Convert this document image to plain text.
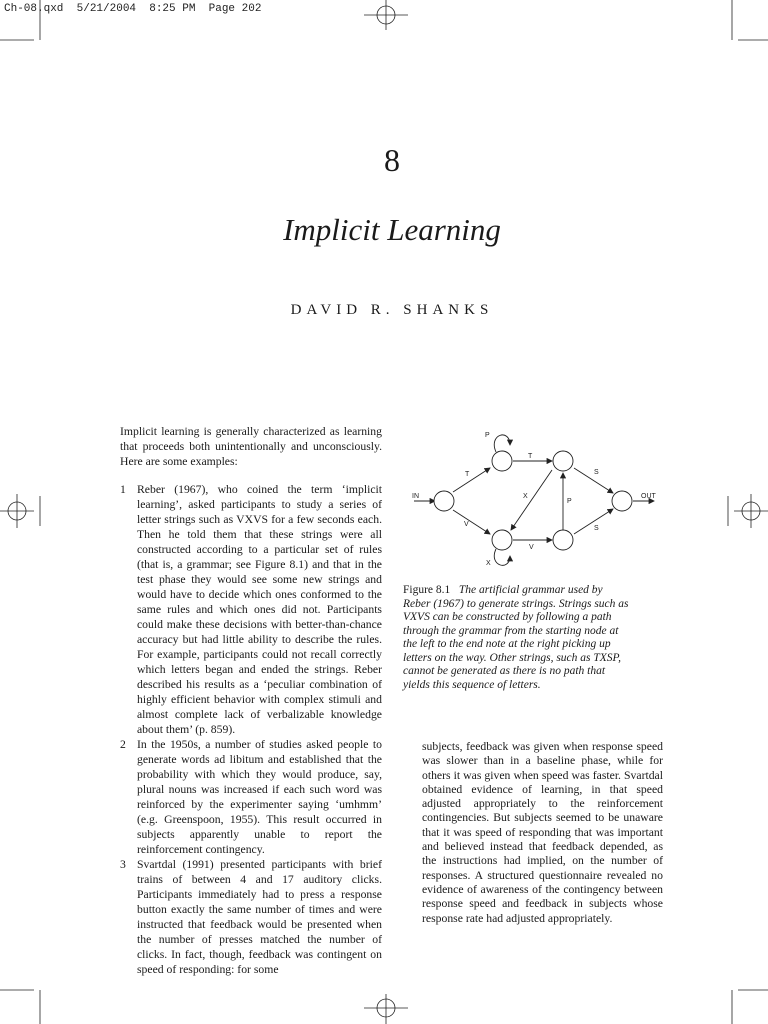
Ch-08.qxd  5/21/2004  8:25 PM  Page 202
8
Implicit Learning
DAVID R. SHANKS

Implicit learning is generally characterized as learning that proceeds both unintentionally and unconsciously. Here are some examples:

1 Reber (1967), who coined the term ‘implicit learning’, asked participants to study a series of letter strings such as VXVS for a few seconds each. Then he told them that these strings were all constructed according to a particular set of rules (that is, a grammar; see Figure 8.1) and that in the test phase they would see some new strings and would have to decide which ones conformed to the same rules and which ones did not. Participants could make these decisions with better-than-chance accuracy but had little ability to describe the rules. For example, participants could not recall correctly which letters began and ended the strings. Reber described his results as a ‘peculiar combination of highly efficient behavior with complex stimuli and almost complete lack of verbalizable knowledge about them’ (p. 859).
2 In the 1950s, a number of studies asked people to generate words ad libitum and established that the probability with which they would produce, say, plural nouns was increased if each such word was reinforced by the experimenter saying ‘umhmm’ (e.g. Greenspoon, 1955). This result occurred in subjects apparently unable to report the reinforcement contingency.
3 Svartdal (1991) presented participants with brief trains of between 4 and 17 auditory clicks. Participants immediately had to press a response button exactly the same number of times and were instructed that feedback would be presented when the number of presses matched the number of clicks. In fact, though, feedback was contingent on speed of responding: for some
IN	OUT
P
T
T	S
X
P
V
S
V
X
Figure 8.1 The artificial grammar used by Reber (1967) to generate strings. Strings such as VXVS can be constructed by following a path through the grammar from the starting node at the left to the end note at the right picking up letters on the way. Other strings, such as TXSP, cannot be generated as there is no path that yields this sequence of letters.

subjects, feedback was given when response speed was slower than in a baseline phase, while for others it was given when speed was faster. Svartdal obtained evidence of learning, in that speed adjusted appropriately to the reinforcement contingencies. But subjects seemed to be unaware that it was speed of responding that was important and believed instead that feedback depended, as the instructions had implied, on the number of responses. A structured questionnaire revealed no evidence of awareness of the contingency between response speed and feedback in subjects whose response rate had adjusted appropriately.
